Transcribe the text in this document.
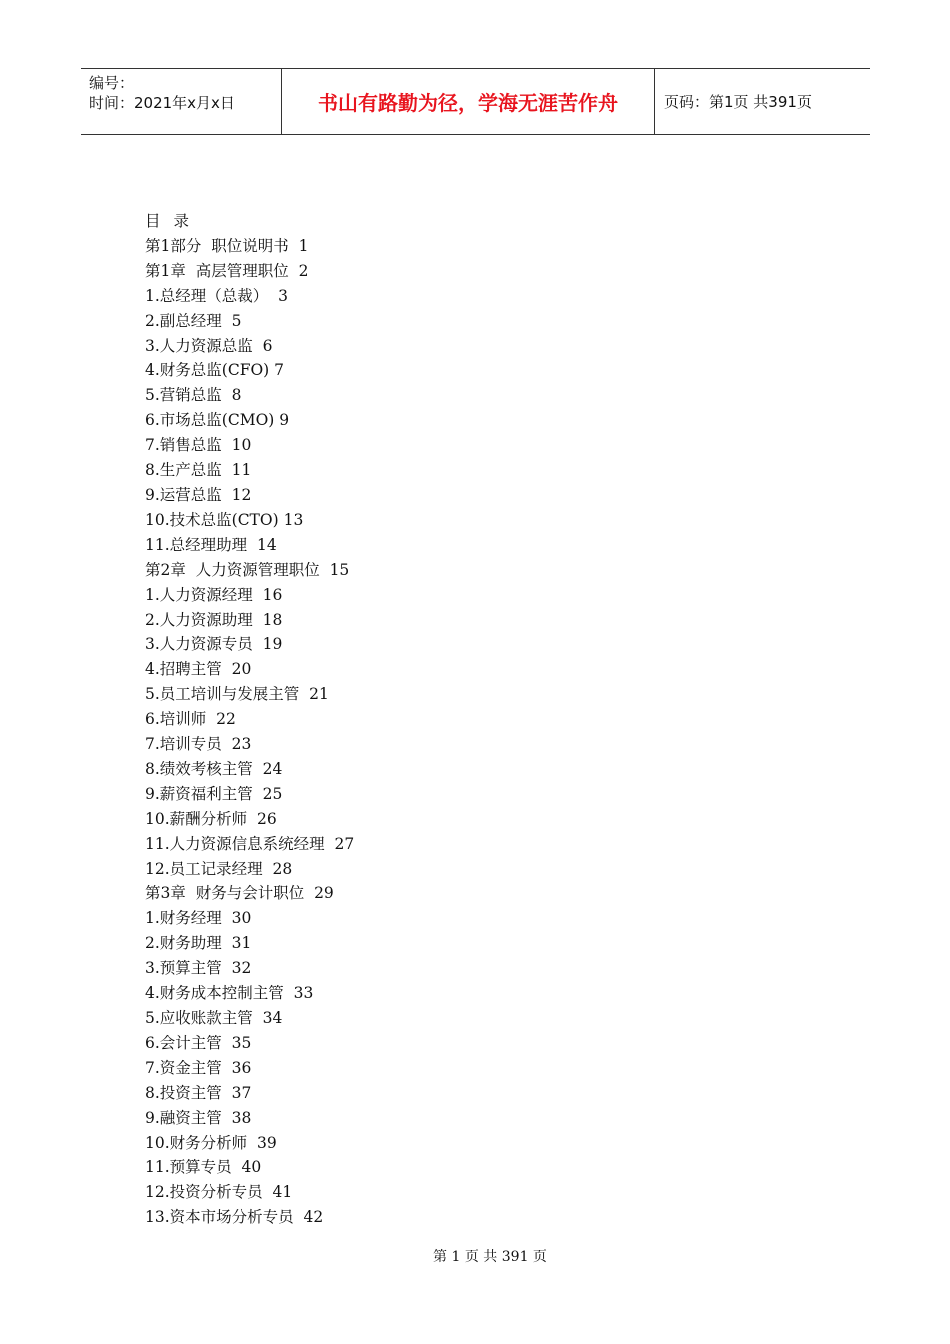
编号：
时间：2021年x月x日	书山有路勤为径，学海无涯苦作舟	页码：第1页 共391页
目录
第1部分  职位说明书  1
第1章  高层管理职位  2
1.总经理（总裁）  3
2.副总经理  5
3.人力资源总监  6
4.财务总监(CFO) 7
5.营销总监  8
6.市场总监(CMO) 9
7.销售总监  10
8.生产总监  11
9.运营总监  12
10.技术总监(CTO) 13
11.总经理助理  14
第2章  人力资源管理职位  15
1.人力资源经理  16
2.人力资源助理  18
3.人力资源专员  19
4.招聘主管  20
5.员工培训与发展主管  21
6.培训师  22
7.培训专员  23
8.绩效考核主管  24
9.薪资福利主管  25
10.薪酬分析师  26
11.人力资源信息系统经理  27
12.员工记录经理  28
第3章  财务与会计职位  29
1.财务经理  30
2.财务助理  31
3.预算主管  32
4.财务成本控制主管  33
5.应收账款主管  34
6.会计主管  35
7.资金主管  36
8.投资主管  37
9.融资主管  38
10.财务分析师  39
11.预算专员  40
12.投资分析专员  41
13.资本市场分析专员  42
第 1 页 共 391 页
